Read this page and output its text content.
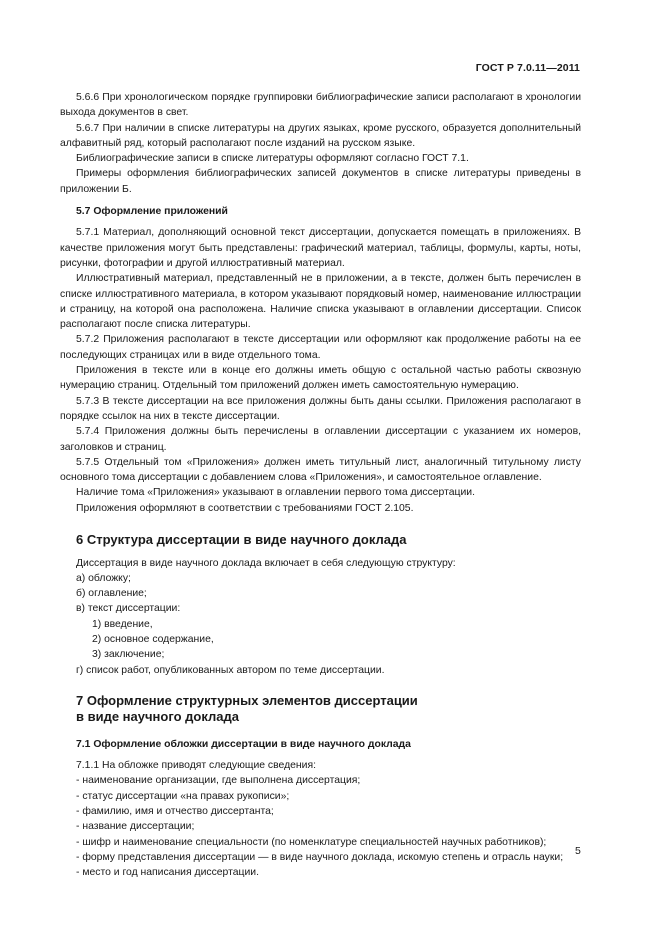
ГОСТ Р 7.0.11—2011

5.6.6 При хронологическом порядке группировки библиографические записи располагают в хронологии выхода документов в свет.

5.6.7 При наличии в списке литературы на других языках, кроме русского, образуется дополнительный алфавитный ряд, который располагают после изданий на русском языке.

Библиографические записи в списке литературы оформляют согласно ГОСТ 7.1.

Примеры оформления библиографических записей документов в списке литературы приведены в приложении Б.

5.7 Оформление приложений

5.7.1 Материал, дополняющий основной текст диссертации, допускается помещать в приложениях. В качестве приложения могут быть представлены: графический материал, таблицы, формулы, карты, ноты, рисунки, фотографии и другой иллюстративный материал.

Иллюстративный материал, представленный не в приложении, а в тексте, должен быть перечислен в списке иллюстративного материала, в котором указывают порядковый номер, наименование иллюстрации и страницу, на которой она расположена. Наличие списка указывают в оглавлении диссертации. Список располагают после списка литературы.

5.7.2 Приложения располагают в тексте диссертации или оформляют как продолжение работы на ее последующих страницах или в виде отдельного тома.

Приложения в тексте или в конце его должны иметь общую с остальной частью работы сквозную нумерацию страниц. Отдельный том приложений должен иметь самостоятельную нумерацию.

5.7.3 В тексте диссертации на все приложения должны быть даны ссылки. Приложения располагают в порядке ссылок на них в тексте диссертации.

5.7.4 Приложения должны быть перечислены в оглавлении диссертации с указанием их номеров, заголовков и страниц.

5.7.5 Отдельный том «Приложения» должен иметь титульный лист, аналогичный титульному листу основного тома диссертации с добавлением слова «Приложения», и самостоятельное оглавление.

Наличие тома «Приложения» указывают в оглавлении первого тома диссертации.

Приложения оформляют в соответствии с требованиями ГОСТ 2.105.

6 Структура диссертации в виде научного доклада

Диссертация в виде научного доклада включает в себя следующую структуру:

а) обложку;

б) оглавление;

в) текст диссертации:

1) введение,

2) основное содержание,

3) заключение;

г) список работ, опубликованных автором по теме диссертации.

7 Оформление структурных элементов диссертации

в виде научного доклада

7.1 Оформление обложки диссертации в виде научного доклада

7.1.1 На обложке приводят следующие сведения:

- наименование организации, где выполнена диссертация;

- статус диссертации «на правах рукописи»;

- фамилию, имя и отчество диссертанта;

- название диссертации;

- шифр и наименование специальности (по номенклатуре специальностей научных работников);

- форму представления диссертации — в виде научного доклада, искомую степень и отрасль науки;

- место и год написания диссертации.

5
